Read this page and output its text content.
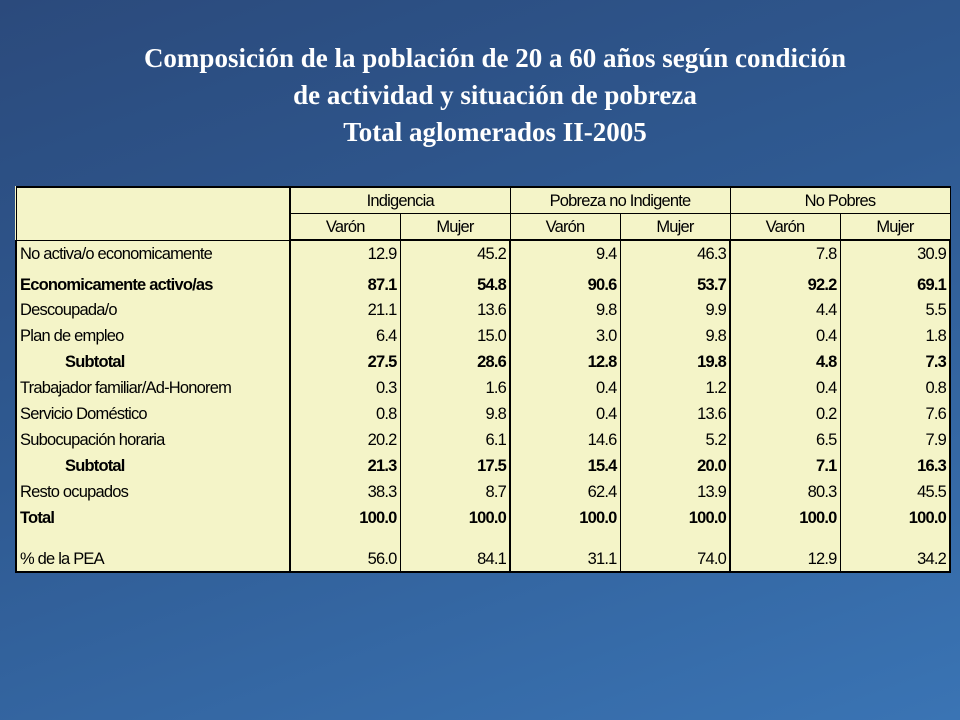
Composición de la población de 20 a 60 años según condición
de actividad y situación de pobreza
Total aglomerados II-2005
	Indigencia		Pobreza no Indigente		No Pobres	
	Varón	Mujer	Varón	Mujer	Varón	Mujer
No activa/o economicamente	12.9	45.2	9.4	46.3	7.8	30.9
Economicamente activo/as	87.1	54.8	90.6	53.7	92.2	69.1
Descoupada/o	21.1	13.6	9.8	9.9	4.4	5.5
Plan de empleo	6.4	15.0	3.0	9.8	0.4	1.8
Subtotal	27.5	28.6	12.8	19.8	4.8	7.3
Trabajador familiar/Ad-Honorem	0.3	1.6	0.4	1.2	0.4	0.8
Servicio Doméstico	0.8	9.8	0.4	13.6	0.2	7.6
Subocupación horaria	20.2	6.1	14.6	5.2	6.5	7.9
Subtotal	21.3	17.5	15.4	20.0	7.1	16.3
Resto ocupados	38.3	8.7	62.4	13.9	80.3	45.5
Total	100.0	100.0	100.0	100.0	100.0	100.0
% de la PEA	56.0	84.1	31.1	74.0	12.9	34.2
